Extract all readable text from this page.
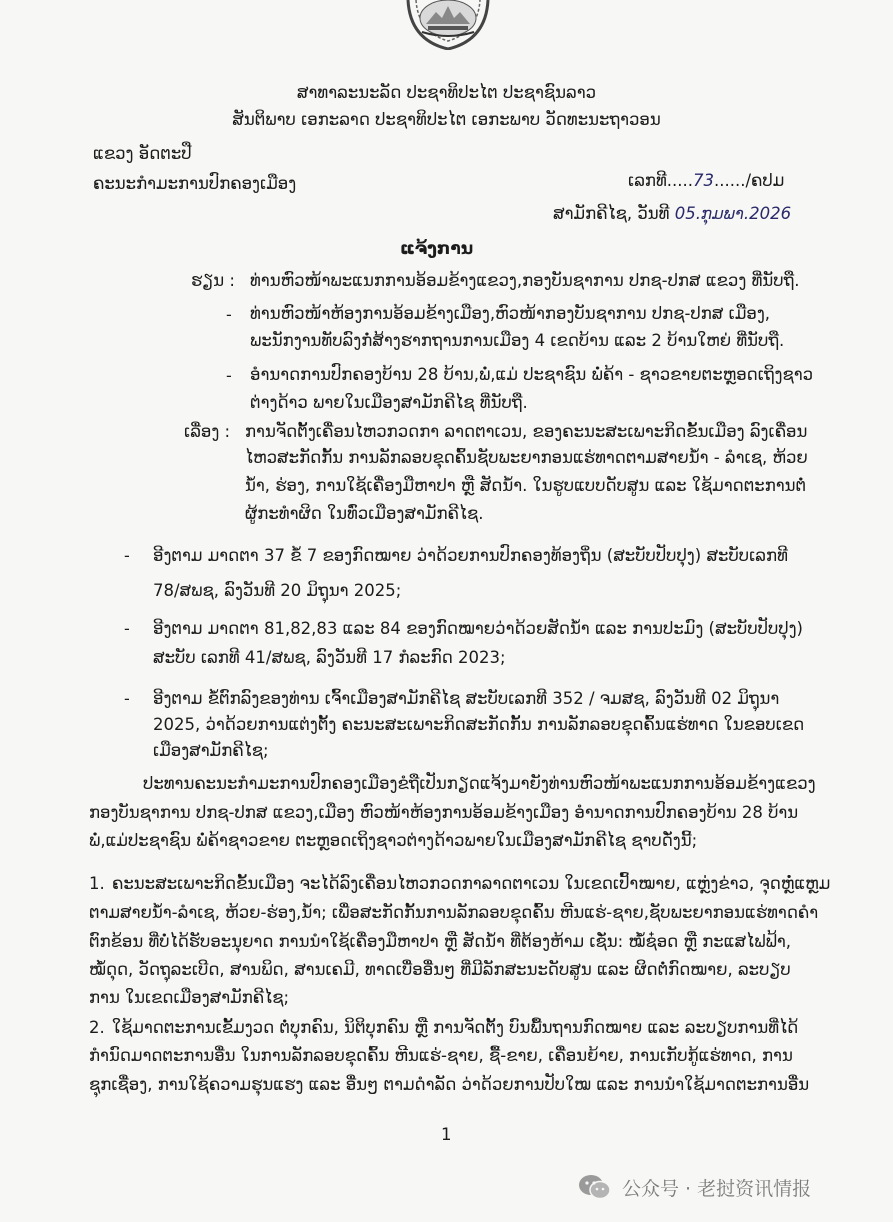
ສາທາລະນະລັດ ປະຊາທິປະໄຕ ປະຊາຊົນລາວ
ສັນຕິພາບ ເອກະລາດ ປະຊາທິປະໄຕ ເອກະພາບ ວັດທະນະຖາວອນ
ແຂວງ ອັດຕະປື
ຄະນະກຳມະການປົກຄອງເມືອງ	ເລກທີ.....73....../ຄປມ
ສາມັກຄີໄຊ, ວັນທີ 05.ກຸມພາ.2026
ແຈ້ງການ
ຮຽນ : ທ່ານຫົວໜ້າພະແນກການອ້ອມຂ້າງແຂວງ,ກອງບັນຊາການ ປກຊ-ປກສ ແຂວງ ທີ່ນັບຖື.
- ທ່ານຫົວໜ້າຫ້ອງການອ້ອມຂ້າງເມືອງ,ຫົວໜ້າກອງບັນຊາການ ປກຊ-ປກສ ເມືອງ,
ພະນັກງານທັບລົງກໍ່ສ້າງຮາກຖານການເມືອງ 4 ເຂດບ້ານ ແລະ 2 ບ້ານໃຫຍ່ ທີ່ນັບຖື.
- ອຳນາດການປົກຄອງບ້ານ 28 ບ້ານ,ພໍ່,ແມ່ ປະຊາຊົນ ພໍ່ຄ້າ - ຊາວຂາຍຕະຫຼອດເຖິງຊາວ
ຕ່າງດ້າວ ພາຍໃນເມືອງສາມັກຄີໄຊ ທີ່ນັບຖື.
ເລື່ອງ : ການຈັດຕັ້ງເຄື່ອນໄຫວກວດກາ ລາດຕາເວນ, ຂອງຄະນະສະເພາະກິດຂັ້ນເມືອງ ລົງເຄື່ອນ
ໄຫວສະກັດກັ້ນ ການລັກລອບຂຸດຄົ້ນຊັບພະຍາກອນແຮ່ທາດຕາມສາຍນ້ຳ - ລຳເຊ, ຫ້ວຍ
ນ້ຳ, ຮ່ອງ, ການໃຊ້ເຄື່ອງມືຫາປາ ຫຼື ສັດນ້ຳ. ໃນຮູບແບບດັບສູນ ແລະ ໃຊ້ມາດຕະການຕໍ່
ຜູ້ກະທຳຜິດ ໃນທົ່ວເມືອງສາມັກຄີໄຊ.
- ອີງຕາມ ມາດຕາ 37 ຂໍ້ 7 ຂອງກົດໝາຍ ວ່າດ້ວຍການປົກຄອງທ້ອງຖິ່ນ (ສະບັບປັບປຸງ) ສະບັບເລກທີ
78/ສພຊ, ລົງວັນທີ 20 ມິຖຸນາ 2025;
- ອີງຕາມ ມາດຕາ 81,82,83 ແລະ 84 ຂອງກົດໝາຍວ່າດ້ວຍສັດນ້ຳ ແລະ ການປະມົງ (ສະບັບປັບປຸງ)
ສະບັບ ເລກທີ 41/ສພຊ, ລົງວັນທີ 17 ກໍລະກົດ 2023;
- ອີງຕາມ ຂໍ້ຕົກລົງຂອງທ່ານ ເຈົ້າເມືອງສາມັກຄີໄຊ ສະບັບເລກທີ 352 / ຈມສຊ, ລົງວັນທີ 02 ມິຖຸນາ
2025, ວ່າດ້ວຍການແຕ່ງຕັ້ງ ຄະນະສະເພາະກິດສະກັດກັ້ນ ການລັກລອບຂຸດຄົ້ນແຮ່ທາດ ໃນຂອບເຂດ
ເມືອງສາມັກຄີໄຊ;
ປະທານຄະນະກຳມະການປົກຄອງເມືອງຂໍຖືເປັນກຽດແຈ້ງມາຍັງທ່ານຫົວໜ້າພະແນກການອ້ອມຂ້າງແຂວງ
ກອງບັນຊາການ ປກຊ-ປກສ ແຂວງ,ເມືອງ ຫົວໜ້າຫ້ອງການອ້ອມຂ້າງເມືອງ ອຳນາດການປົກຄອງບ້ານ 28 ບ້ານ
ພໍ່,ແມ່ປະຊາຊົນ ພໍ່ຄ້າຊາວຂາຍ ຕະຫຼອດເຖິງຊາວຕ່າງດ້າວພາຍໃນເມືອງສາມັກຄີໄຊ ຊາບດັ່ງນີ້;
1. ຄະນະສະເພາະກິດຂັ້ນເມືອງ ຈະໄດ້ລົງເຄື່ອນໄຫວກວດກາລາດຕາເວນ ໃນເຂດເປົ້າໝາຍ, ແຫຼ່ງຂ່າວ, ຈຸດຫຼໍ່ແຫຼມ
ຕາມສາຍນ້ຳ-ລຳເຊ, ຫ້ວຍ-ຮ່ອງ,ນ້ຳ; ເພື່ອສະກັດກັ້ນການລັກລອບຂຸດຄົ້ນ ຫີນແຮ່-ຊາຍ,ຊັບພະຍາກອນແຮ່ທາດຄຳ
ຕົກຂ້ອນ ທີ່ບໍ່ໄດ້ຮັບອະນຸຍາດ ການນຳໃຊ້ເຄື່ອງມືຫາປາ ຫຼື ສັດນ້ຳ ທີ່ຕ້ອງຫ້າມ ເຊັ່ນ: ໝໍ້ຊ໋ອດ ຫຼື ກະແສໄຟຟ້າ,
ໝໍ້ດຸດ, ວັດຖຸລະເບີດ, ສານພິດ, ສານເຄມີ, ທາດເບື່ອອື່ນໆ ທີ່ມີລັກສະນະດັບສູນ ແລະ ຜິດຕໍ່ກົດໝາຍ, ລະບຽບ
ການ ໃນເຂດເມືອງສາມັກຄີໄຊ;
2. ໃຊ້ມາດຕະການເຂັ້ມງວດ ຕໍ່ບຸກຄົນ, ນິຕິບຸກຄົນ ຫຼື ການຈັດຕັ້ງ ບົນພື້ນຖານກົດໝາຍ ແລະ ລະບຽບການທີ່ໄດ້
ກຳນົດມາດຕະການອື່ນ ໃນການລັກລອບຂຸດຄົ້ນ ຫີນແຮ່-ຊາຍ, ຊື້-ຂາຍ, ເຄື່ອນຍ້າຍ, ການເກັບກູ້ແຮ່ທາດ, ການ
ຊຸກເຊື່ອງ, ການໃຊ້ຄວາມຮຸນແຮງ ແລະ ອື່ນໆ ຕາມດຳລັດ ວ່າດ້ວຍການປັບໃໝ ແລະ ການນຳໃຊ້ມາດຕະການອື່ນ
1
公众号 · 老挝资讯情报
